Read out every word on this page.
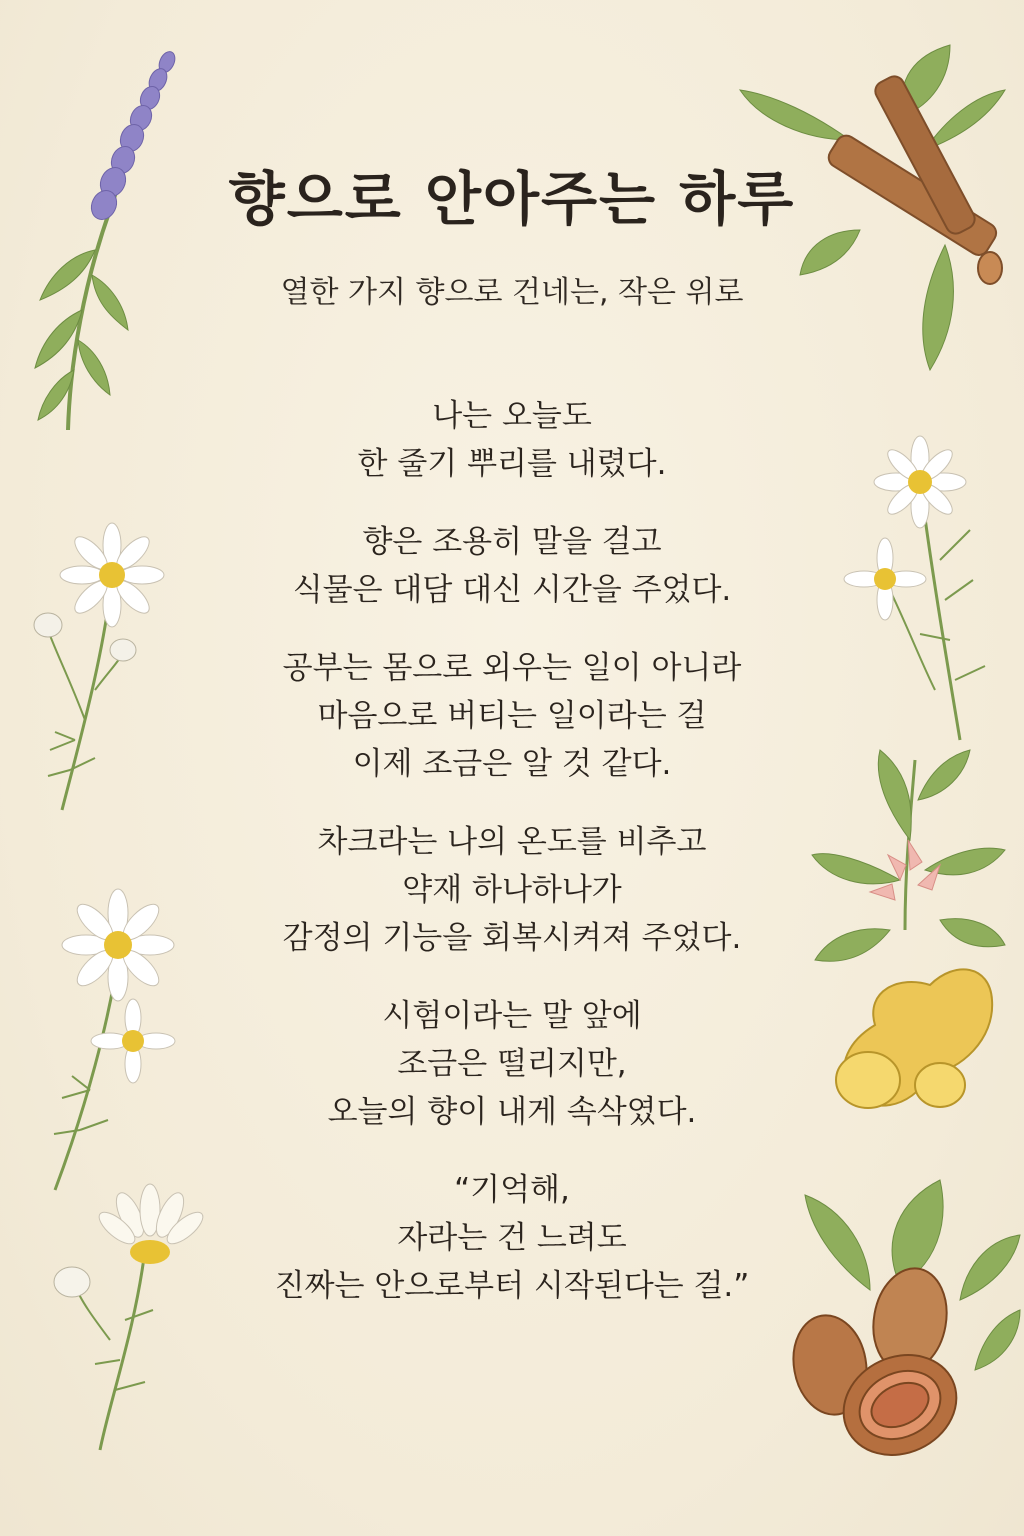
향으로 안아주는 하루
열한 가지 향으로 건네는, 작은 위로
나는 오늘도
한 줄기 뿌리를 내렸다.
향은 조용히 말을 걸고
식물은 대담 대신 시간을 주었다.
공부는 몸으로 외우는 일이 아니라
마음으로 버티는 일이라는 걸
이제 조금은 알 것 같다.
차크라는 나의 온도를 비추고
약재 하나하나가
감정의 기능을 회복시켜져 주었다.
시험이라는 말 앞에
조금은 떨리지만,
오늘의 향이 내게 속삭였다.
“기억해,
자라는 건 느려도
진짜는 안으로부터 시작된다는 걸.”
